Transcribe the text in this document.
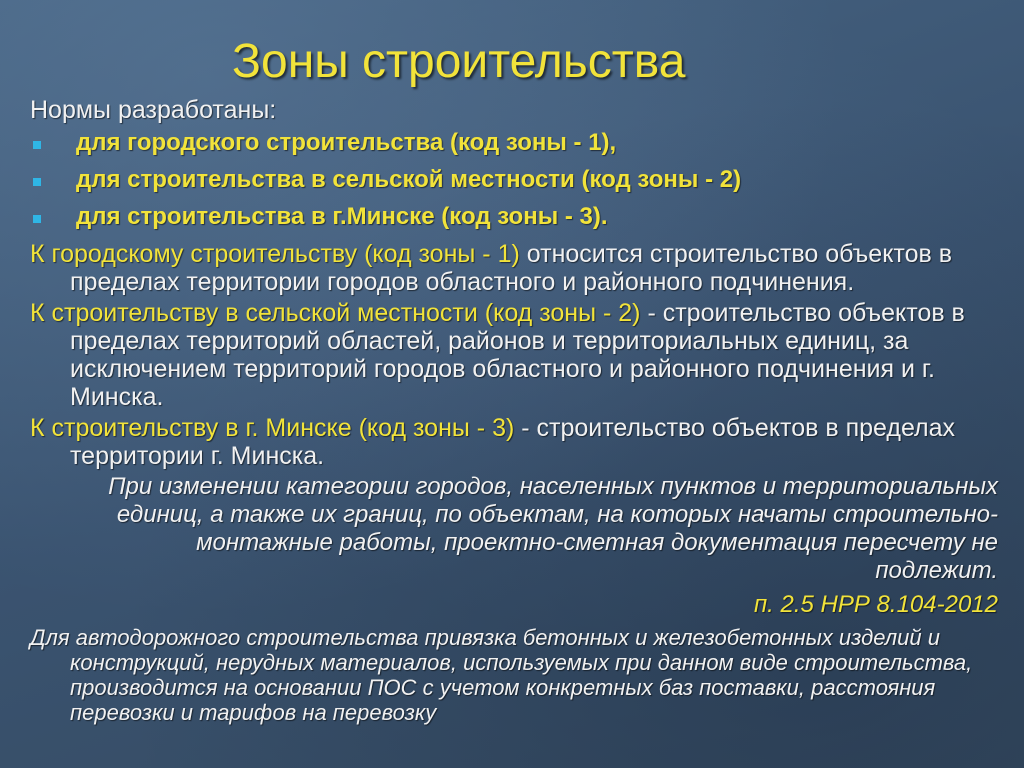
Зоны строительства
Нормы разработаны:
для городского строительства (код зоны - 1),
для строительства в сельской местности (код зоны - 2)
для строительства в г.Минске (код зоны - 3).

К городскому строительству (код зоны - 1) относится строительство объектов в пределах территории городов областного и районного подчинения.

К строительству в сельской местности (код зоны - 2) - строительство объектов в пределах территорий областей, районов и территориальных единиц, за исключением территорий городов областного и районного подчинения и г. Минска.

К строительству в г. Минске (код зоны - 3) - строительство объектов в пределах территории г. Минска.

При изменении категории городов, населенных пунктов и территориальных единиц, а также их границ, по объектам, на которых начаты строительно-монтажные работы, проектно-сметная документация пересчету не подлежит.

п. 2.5 НРР 8.104-2012

Для автодорожного строительства привязка бетонных и железобетонных изделий и конструкций, нерудных материалов, используемых при данном виде строительства, производится на основании ПОС с учетом конкретных баз поставки, расстояния перевозки и тарифов на перевозку
